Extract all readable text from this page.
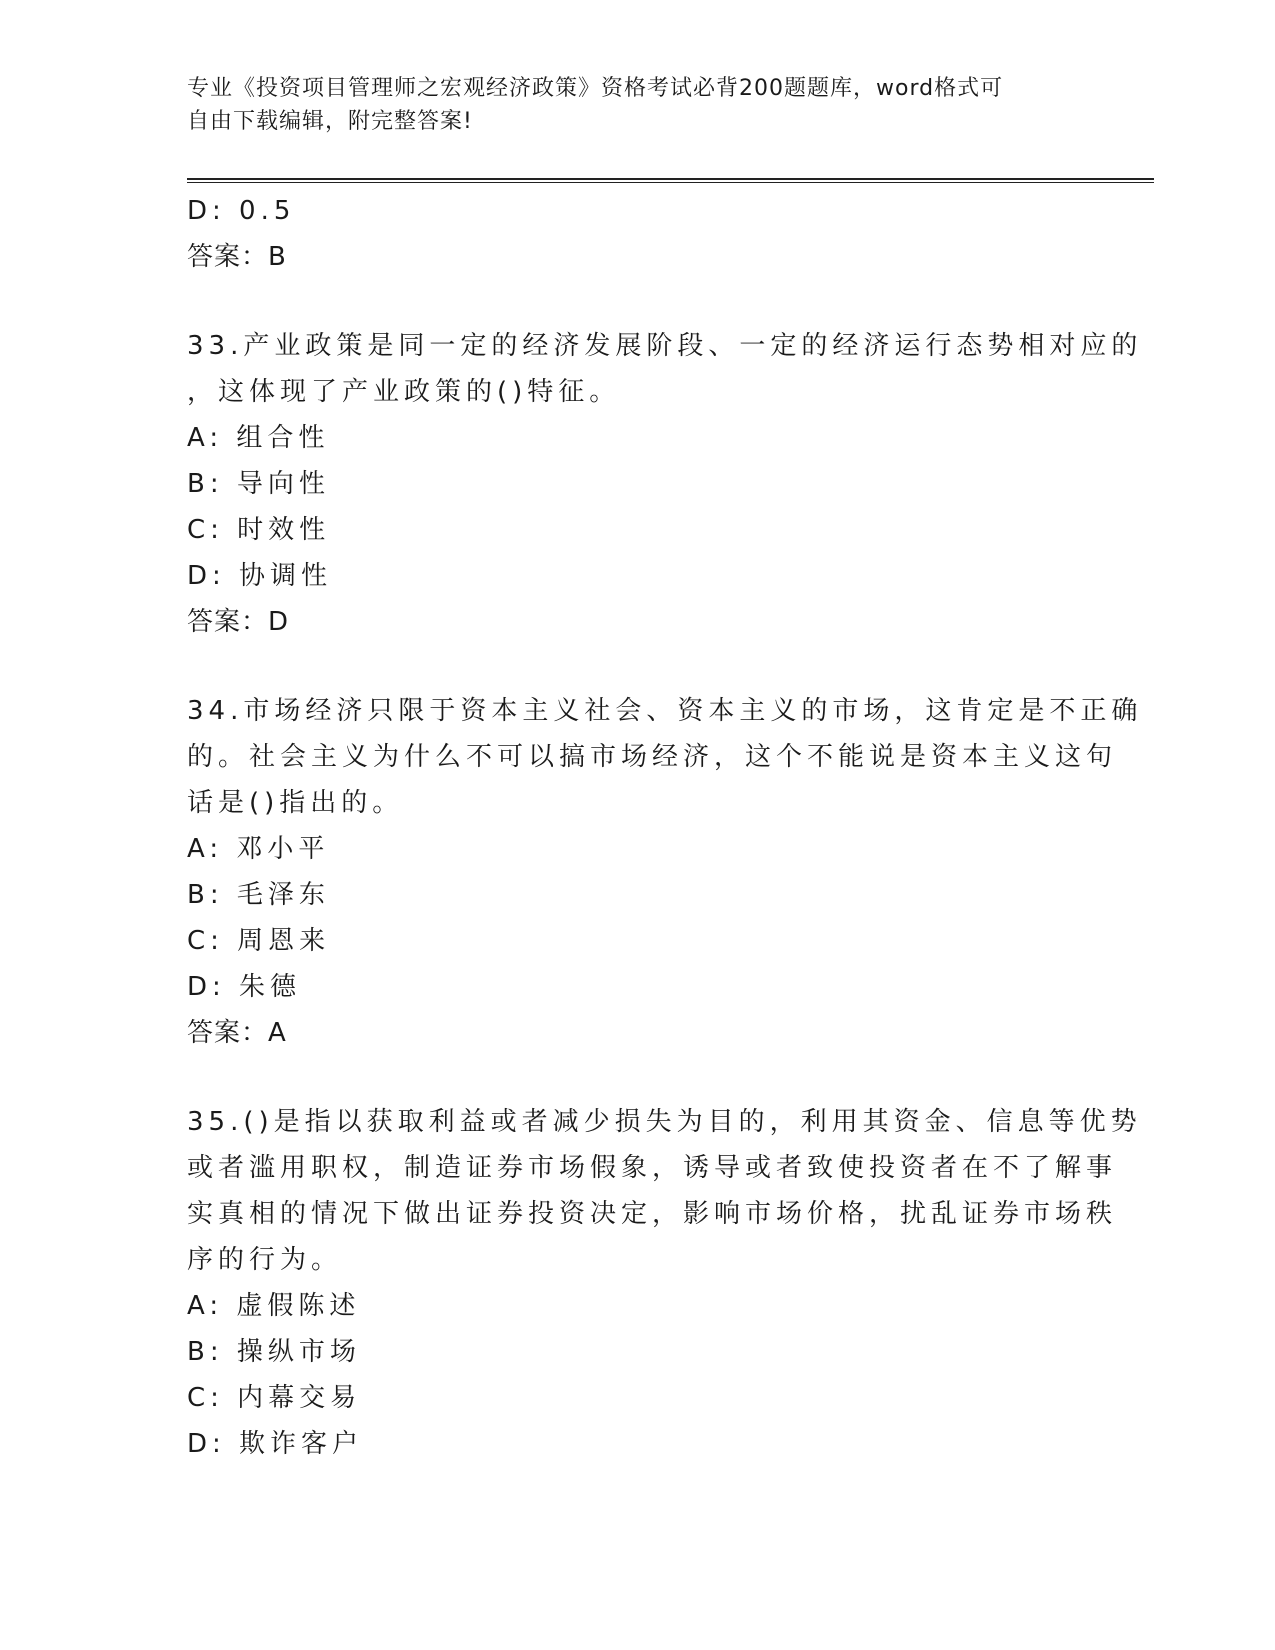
专业《投资项目管理师之宏观经济政策》资格考试必背200题题库，word格式可
自由下载编辑，附完整答案!
D: 0.5
答案：B
33.产业政策是同一定的经济发展阶段、一定的经济运行态势相对应的
，这体现了产业政策的()特征。
A: 组合性
B: 导向性
C: 时效性
D: 协调性
答案：D
34.市场经济只限于资本主义社会、资本主义的市场，这肯定是不正确
的。社会主义为什么不可以搞市场经济，这个不能说是资本主义这句
话是()指出的。
A: 邓小平
B: 毛泽东
C: 周恩来
D: 朱德
答案：A
35.()是指以获取利益或者减少损失为目的，利用其资金、信息等优势
或者滥用职权，制造证券市场假象，诱导或者致使投资者在不了解事
实真相的情况下做出证券投资决定，影响市场价格，扰乱证券市场秩
序的行为。
A: 虚假陈述
B: 操纵市场
C: 内幕交易
D: 欺诈客户
